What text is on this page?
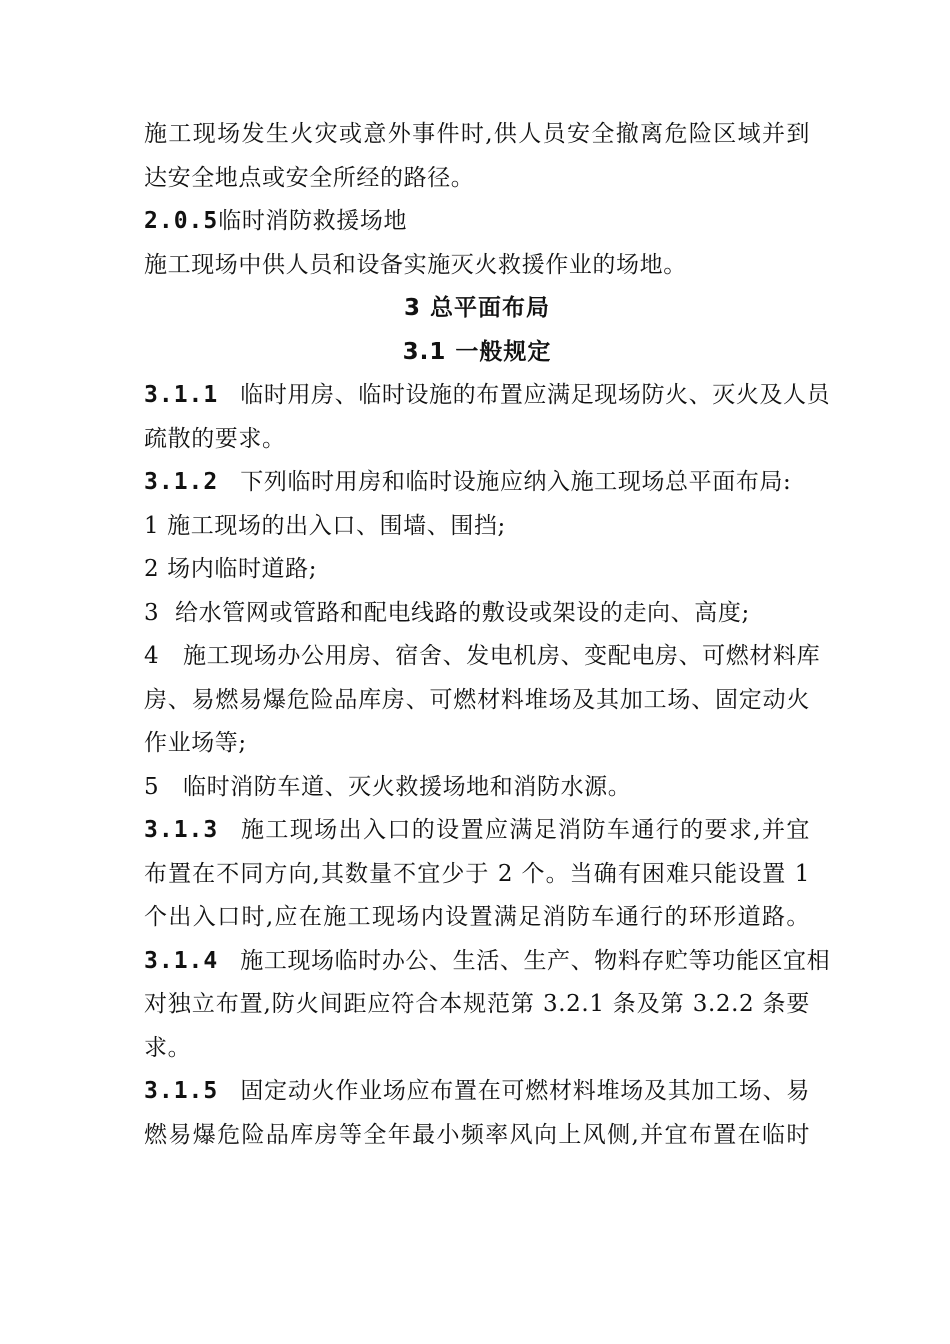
施工现场发生火灾或意外事件时,供人员安全撤离危险区域并到
达安全地点或安全所经的路径。
2.0.5临时消防救援场地
施工现场中供人员和设备实施灭火救援作业的场地。
3 总平面布局
3.1 一般规定
3.1.1 临时用房、临时设施的布置应满足现场防火、灭火及人员
疏散的要求。
3.1.2 下列临时用房和临时设施应纳入施工现场总平面布局:
1 施工现场的出入口、围墙、围挡;
2 场内临时道路;
3  给水管网或管路和配电线路的敷设或架设的走向、高度;
4   施工现场办公用房、宿舍、发电机房、变配电房、可燃材料库
房、易燃易爆危险品库房、可燃材料堆场及其加工场、固定动火
作业场等;
5   临时消防车道、灭火救援场地和消防水源。
3.1.3 施工现场出入口的设置应满足消防车通行的要求,并宜
布置在不同方向,其数量不宜少于 2 个。当确有困难只能设置 1
个出入口时,应在施工现场内设置满足消防车通行的环形道路。
3.1.4 施工现场临时办公、生活、生产、物料存贮等功能区宜相
对独立布置,防火间距应符合本规范第 3.2.1 条及第 3.2.2 条要
求。
3.1.5 固定动火作业场应布置在可燃材料堆场及其加工场、易
燃易爆危险品库房等全年最小频率风向上风侧,并宜布置在临时
